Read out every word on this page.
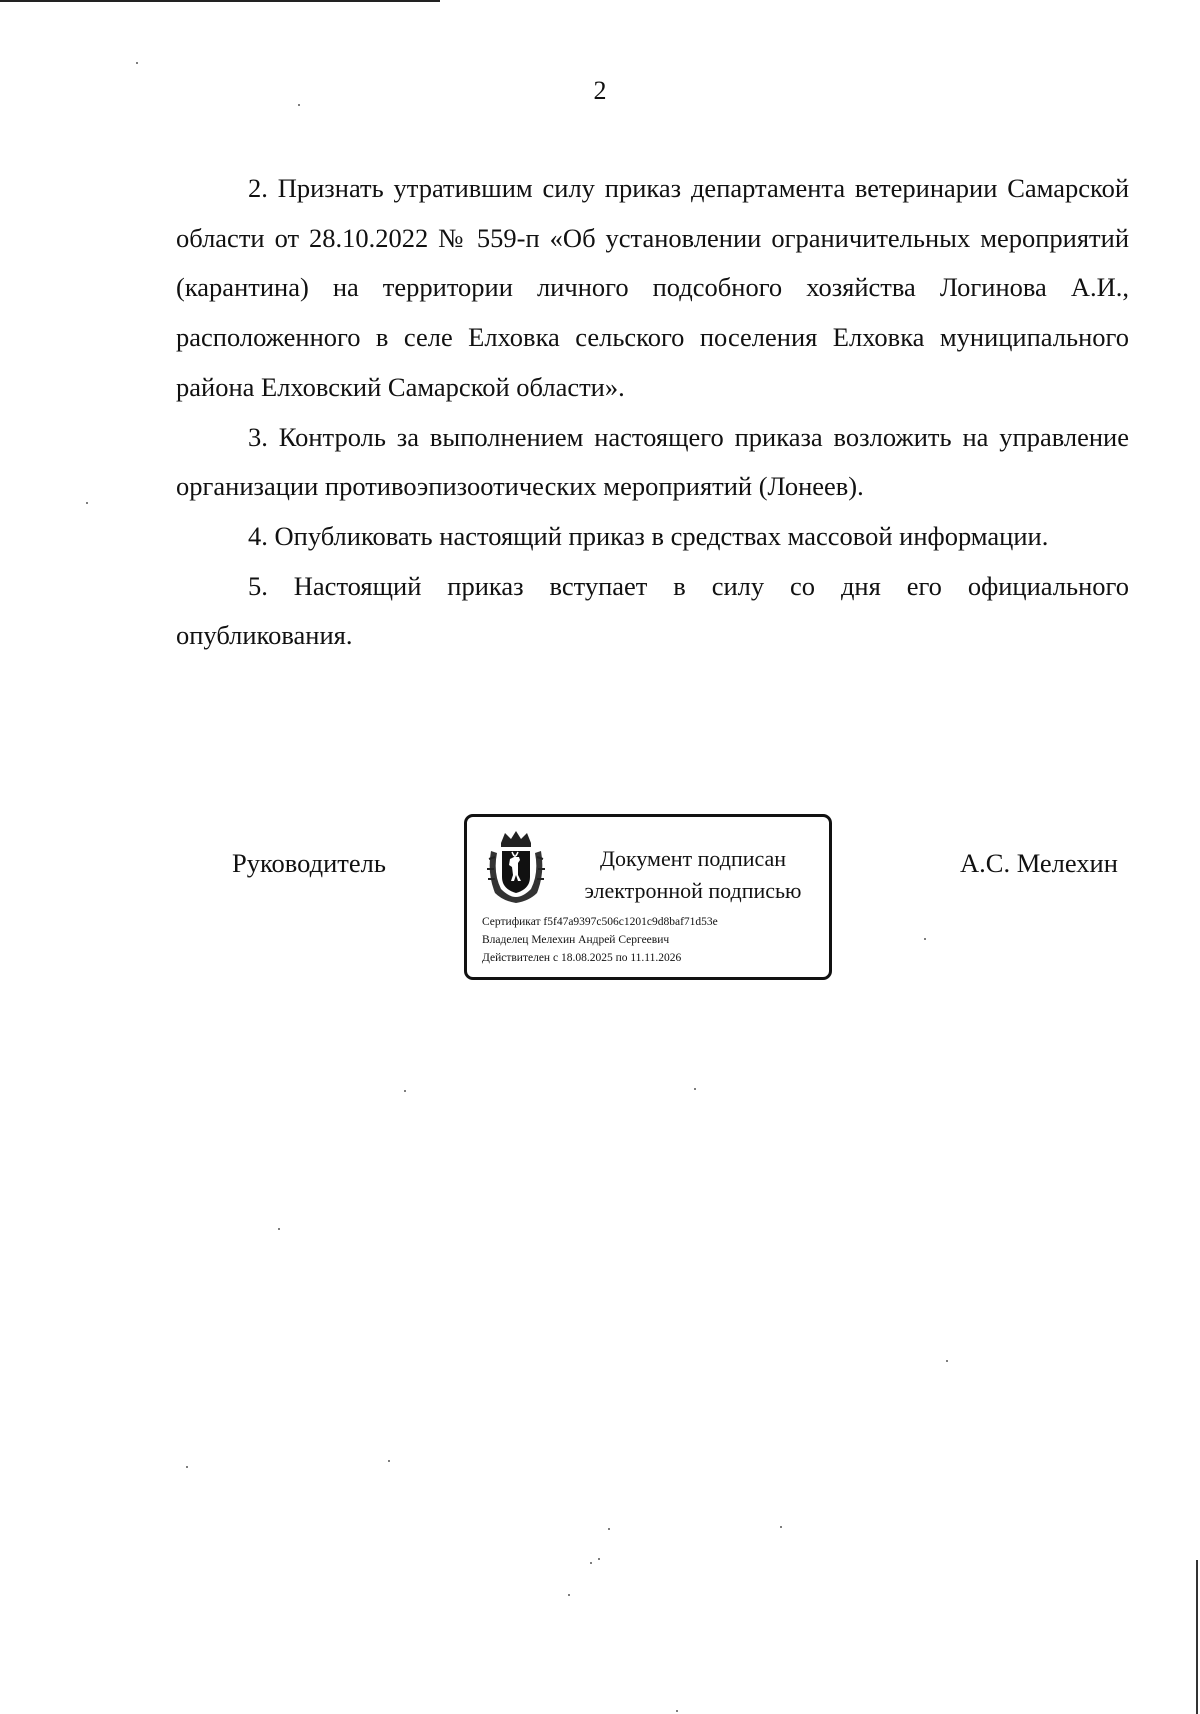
2

2. Признать утратившим силу приказ департамента ветеринарии Самарской области от 28.10.2022 № 559-п «Об установлении ограничительных мероприятий (карантина) на территории личного подсобного хозяйства Логинова А.И., расположенного в селе Елховка сельского поселения Елховка муниципального района Елховский Самарской области».

3. Контроль за выполнением настоящего приказа возложить на управление организации противоэпизоотических мероприятий (Лонеев).

4. Опубликовать настоящий приказ в средствах массовой информации.

5. Настоящий приказ вступает в силу со дня его официального опубликования.

Руководитель	Документ подписан
электронной подписью
Сертификат f5f47a9397c506c1201c9d8baf71d53e
Владелец Мелехин Андрей Сергеевич
Действителен с 18.08.2025 по 11.11.2026
А.С. Мелехин
